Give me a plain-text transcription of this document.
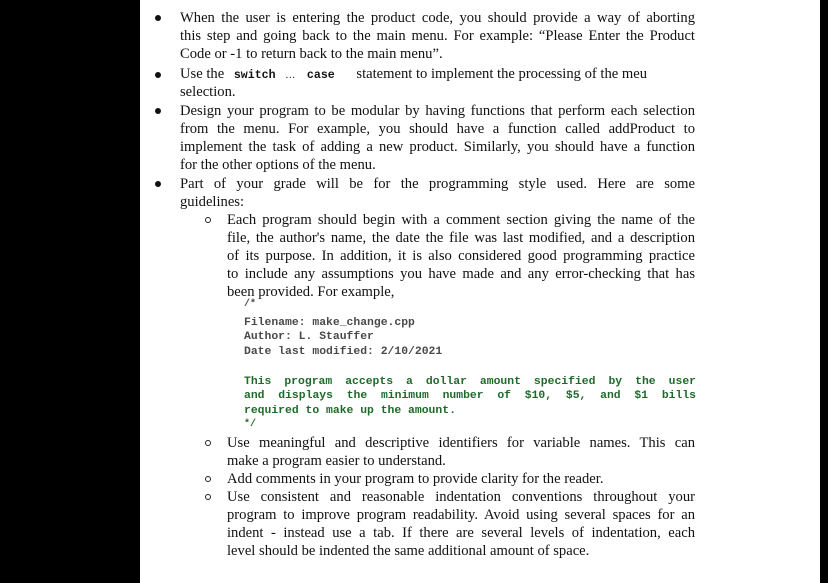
When the user is entering the product code, you should provide a way of aborting
this step and going back to the main menu. For example: “Please Enter the Product
Code or -1 to return back to the main menu”.
Use the switch … case statement to implement the processing of the meu
selection.
Design your program to be modular by having functions that perform each selection
from the menu. For example, you should have a function called addProduct to
implement the task of adding a new product. Similarly, you should have a function
for the other options of the menu.
Part of your grade will be for the programming style used. Here are some
guidelines:
Each program should begin with a comment section giving the name of the
file, the author's name, the date the file was last modified, and a description
of its purpose. In addition, it is also considered good programming practice
to include any assumptions you have made and any error-checking that has
been provided. For example,
/*
Filename: make_change.cpp
Author: L. Stauffer
Date last modified: 2/10/2021
This program accepts a dollar amount specified by the user
and displays the minimum number of $10, $5, and $1 bills
required to make up the amount.
*/
Use meaningful and descriptive identifiers for variable names. This can
make a program easier to understand.
Add comments in your program to provide clarity for the reader.
Use consistent and reasonable indentation conventions throughout your
program to improve program readability. Avoid using several spaces for an
indent - instead use a tab. If there are several levels of indentation, each
level should be indented the same additional amount of space.
